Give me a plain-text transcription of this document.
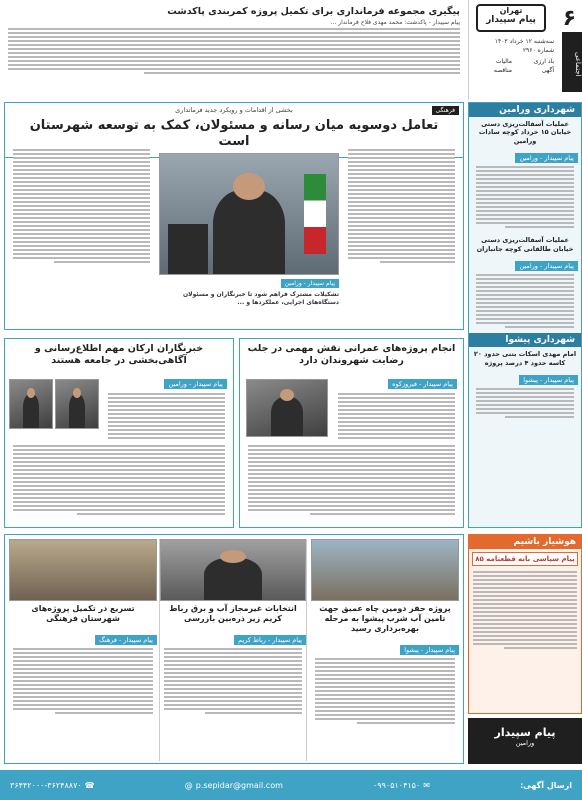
۶
تهران
پیام سپیدار
سه‌شنبه ۱۲ خرداد ۱۴۰۳
شماره ۲۹۶۰
باد ارزی
مالیات
آگهی
مناقصه	اجتماعی
پیگیری مجموعه فرمانداری برای تکمیل پروژه کمربندی پاکدشت
پیام سپیدار - پاکدشت: محمد مهدی فلاح فرماندار ...
بخشی از اقدامات و رویکرد جدید فرمانداری	فرهنگی
تعامل دوسویه میان رسانه و مسئولان، کمک به توسعه شهرستان است
پیام سپیدار - ورامین
تشکیلات مشترک فراهم شود تا خبرنگاران و مسئولان دستگاه‌های اجرایی، عملکردها و ...
انجام پروژه‌های عمرانی نقش مهمی در جلب رضایت شهروندان دارد
پیام سپیدار - فیروزکوه
خبرنگاران ارکان مهم اطلاع‌رسانی و آگاهی‌بخشی در جامعه هستند
پیام سپیدار - ورامین
شهرداری ورامین
عملیات آسفالت‌ریزی دستی خیابان ۱۵ خرداد کوچه سادات ورامین
پیام سپیدار - ورامین
عملیات آسفالت‌ریزی دستی خیابان طالقانی کوچه جانبازان
پیام سپیدار - ورامین
شهرداری پیشوا
امام مهدی اسکات بتنی حدود ۲۰ کاسه حدود ۴ درصد پروژه
پیام سپیدار - پیشوا
پروژه حفر دومین چاه عمیق جهت تامین آب شرب پیشوا به مرحله بهره‌برداری رسید
پیام سپیدار - پیشوا
انتخابات غیرمجاز آب و برق رباط کریم زیر ذره‌بین بازرسی
پیام سپیدار - رباط کریم
تسریع در تکمیل پروژه‌های شهرستان فرهنگی
پیام سپیدار - فرهنگ
هوشیار باشیم
پیام سپاسی بانه قطعنامه ۸۵
پیام سپیدار
ورامین
ارسال آگهی:
✉
۰۹۹۰۵۱۰۴۱۵۰
@ p.sepidar@gmail.com
☎
۳۶۴۴۲۰۰۰-۳۶۲۴۸۸۷۰
